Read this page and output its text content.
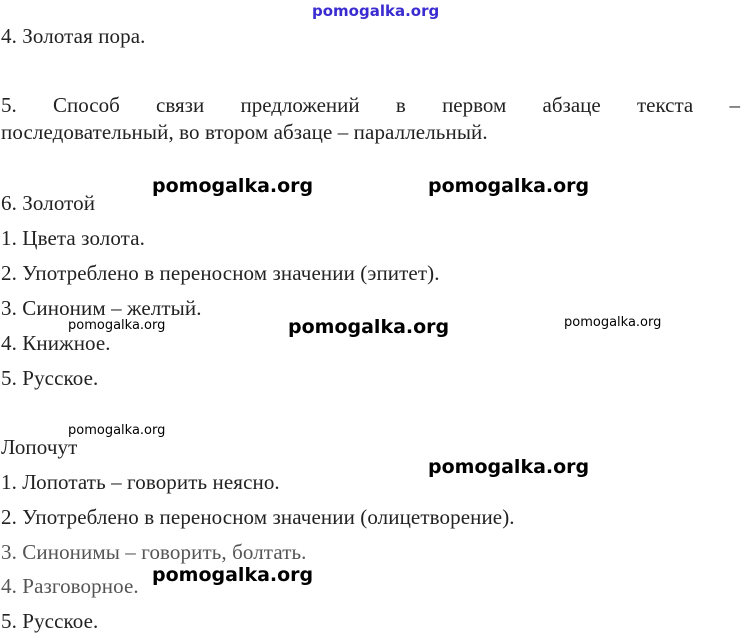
pomogalka.org
4. Золотая пора.
5. Способ связи предложений в первом абзаце текста –
последовательный, во втором абзаце – параллельный.
6. Золотой
pomogalka.org	pomogalka.org
1. Цвета золота.
2. Употреблено в переносном значении (эпитет).
3. Синоним – желтый.
pomogalka.org	pomogalka.org	pomogalka.org
4. Книжное.
5. Русское.
pomogalka.org
Лопочут
pomogalka.org
1. Лопотать – говорить неясно.
2. Употреблено в переносном значении (олицетворение).
3. Синонимы – говорить, болтать.
4. Разговорное. pomogalka.org
5. Русское.
